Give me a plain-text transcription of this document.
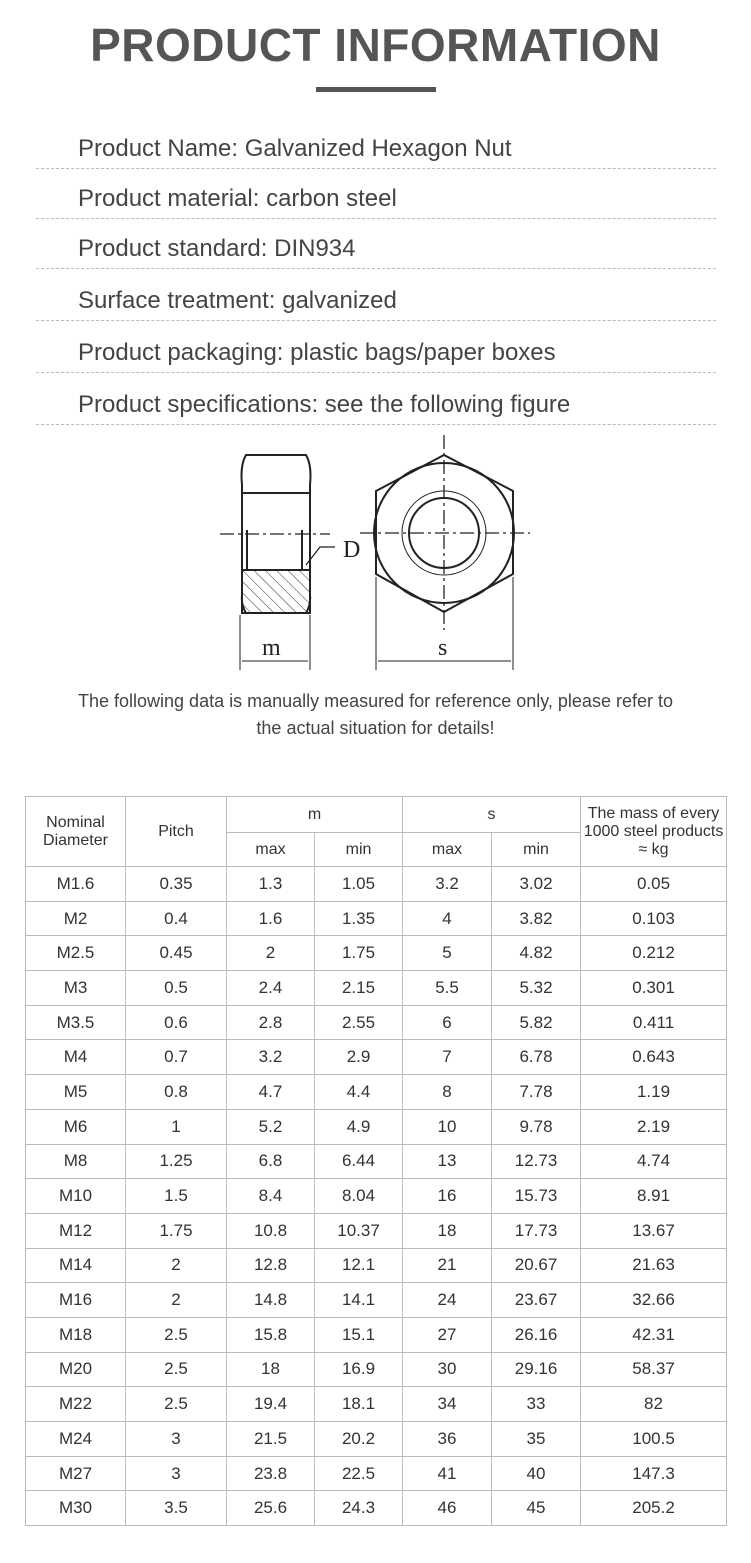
PRODUCT INFORMATION
Product Name: Galvanized Hexagon Nut
Product material: carbon steel
Product standard: DIN934
Surface treatment: galvanized
Product packaging: plastic bags/paper boxes
Product specifications: see the following figure
D
m	s
The following data is manually measured for reference only, please refer to
the actual situation for details!
Nominal Diameter	Pitch	m		s		The mass of every 1000 steel products ≈ kg
		max	min	max	min	
M1.6	0.35	1.3	1.05	3.2	3.02	0.05
M2	0.4	1.6	1.35	4	3.82	0.103
M2.5	0.45	2	1.75	5	4.82	0.212
M3	0.5	2.4	2.15	5.5	5.32	0.301
M3.5	0.6	2.8	2.55	6	5.82	0.411
M4	0.7	3.2	2.9	7	6.78	0.643
M5	0.8	4.7	4.4	8	7.78	1.19
M6	1	5.2	4.9	10	9.78	2.19
M8	1.25	6.8	6.44	13	12.73	4.74
M10	1.5	8.4	8.04	16	15.73	8.91
M12	1.75	10.8	10.37	18	17.73	13.67
M14	2	12.8	12.1	21	20.67	21.63
M16	2	14.8	14.1	24	23.67	32.66
M18	2.5	15.8	15.1	27	26.16	42.31
M20	2.5	18	16.9	30	29.16	58.37
M22	2.5	19.4	18.1	34	33	82
M24	3	21.5	20.2	36	35	100.5
M27	3	23.8	22.5	41	40	147.3
M30	3.5	25.6	24.3	46	45	205.2
